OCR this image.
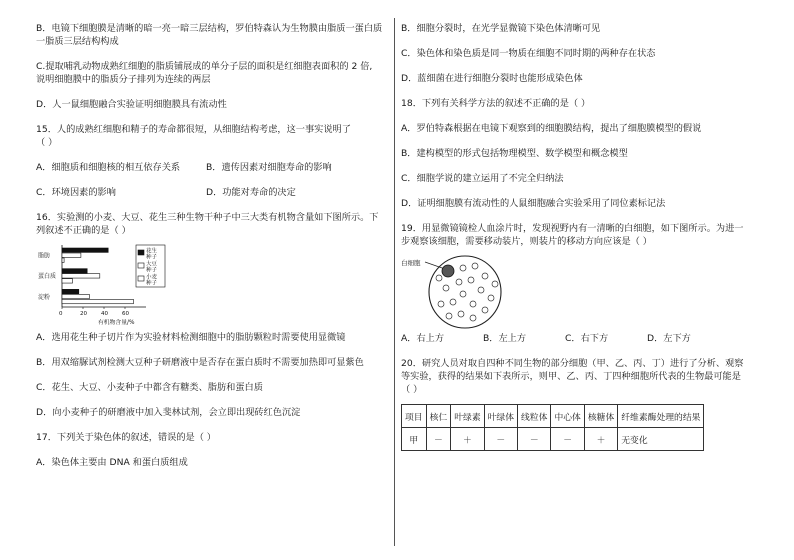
B．电镜下细胞膜是清晰的暗一亮一暗三层结构，罗伯特森认为生物膜由脂质一蛋白质

一脂质三层结构构成

C.提取哺乳动物成熟红细胞的脂质铺展成的单分子层的面积是红细胞表面积的 2 倍,

说明细胞膜中的脂质分子排列为连续的两层

D．人一鼠细胞融合实验证明细胞膜具有流动性

15．人的成熟红细胞和精子的寿命都很短，从细胞结构考虑，这一事实说明了

（ ）

A．细胞质和细胞核的相互依存关系	B．遗传因素对细胞寿命的影响
C．环境因素的影响	D．功能对寿命的决定

16．实验测的小麦、大豆、花生三种生物干种子中三大类有机物含量如下图所示。下

列叙述不正确的是（ ）

脂肪
蛋白质
淀粉
0	20	40	60
有机物含量/%
花生
种子
大豆
种子
小麦
种子

A．选用花生种子切片作为实验材料检测细胞中的脂肪颗粒时需要使用显微镜

B．用双缩脲试剂检测大豆种子研磨液中是否存在蛋白质时不需要加热即可显紫色

C．花生、大豆、小麦种子中都含有糖类、脂肪和蛋白质

D．向小麦种子的研磨液中加入斐林试剂，会立即出现砖红色沉淀

17．下列关于染色体的叙述，错误的是（ ）

A．染色体主要由 DNA 和蛋白质组成

B．细胞分裂时，在光学显微镜下染色体清晰可见

C．染色体和染色质是同一物质在细胞不同时期的两种存在状态

D．蓝细菌在进行细胞分裂时也能形成染色体

18．下列有关科学方法的叙述不正确的是（ ）

A．罗伯特森根据在电镜下观察到的细胞膜结构，提出了细胞膜模型的假说

B．建构模型的形式包括物理模型、数学模型和概念模型

C．细胞学说的建立运用了不完全归纳法

D．证明细胞膜有流动性的人鼠细胞融合实验采用了同位素标记法

19．用显微镜镜检人血涂片时，发现视野内有一清晰的白细胞，如下图所示。为进一

步观察该细胞，需要移动装片，则装片的移动方向应该是（ ）

白细胞
A．右上方	B．左上方	C．右下方	D．左下方

20．研究人员对取自四种不同生物的部分细胞（甲、乙、丙、丁）进行了分析、观察

等实验，获得的结果如下表所示，则甲、乙、丙、丁四种细胞所代表的生物最可能是

（ ）

项目	核仁	叶绿素	叶绿体	线粒体	中心体	核糖体	纤维素酶处理的结果
甲	－	＋	－	－	－	＋	无变化
